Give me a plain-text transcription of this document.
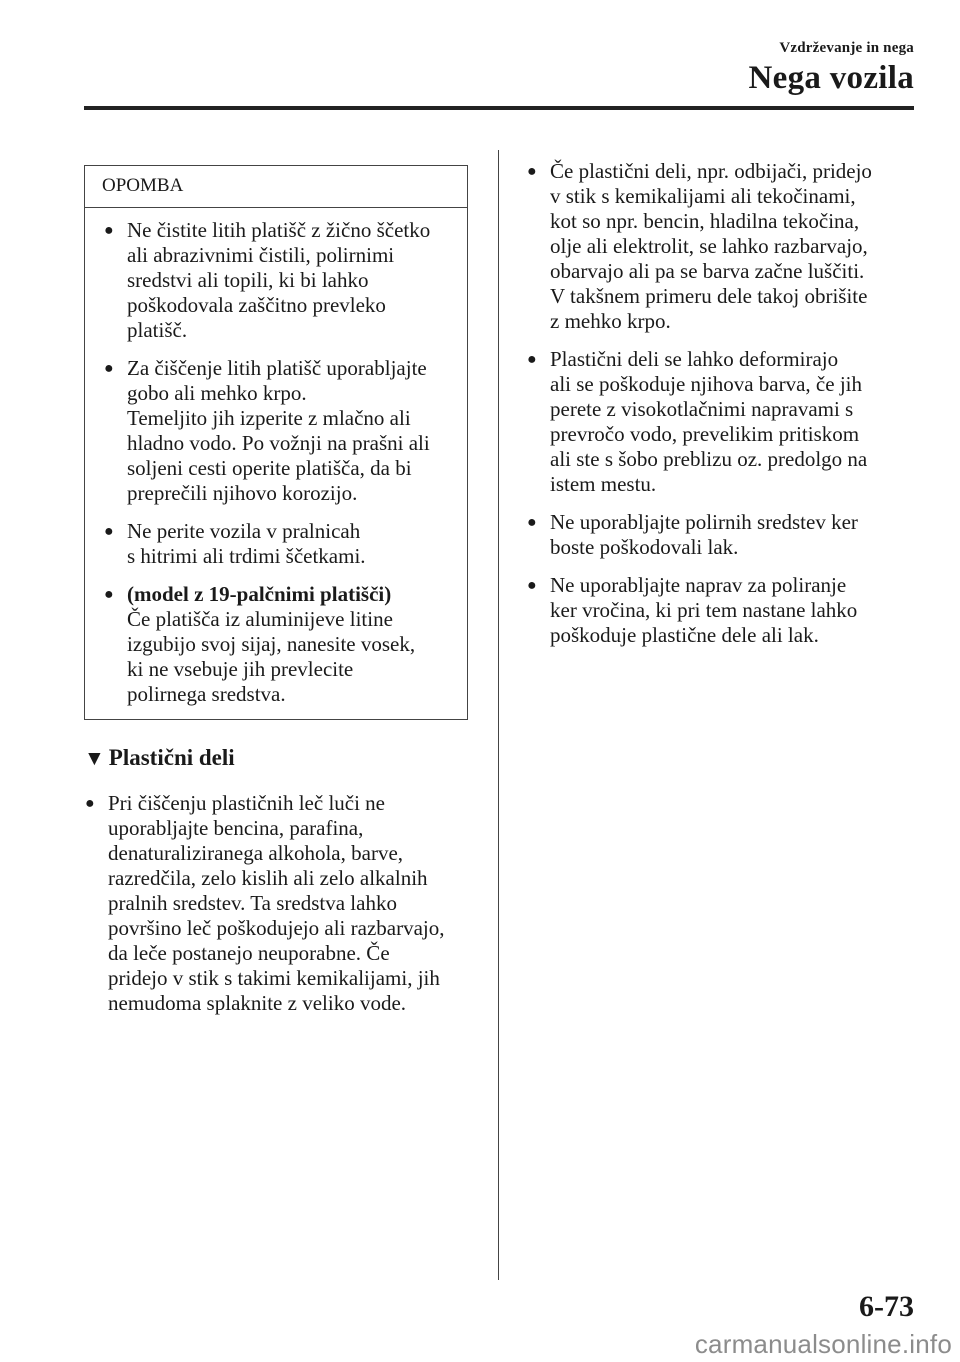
Vzdrževanje in nega
Nega vozila
OPOMBA
● Ne čistite litih platišč z žično ščetko
ali abrazivnimi čistili, polirnimi
sredstvi ali topili, ki bi lahko
poškodovala zaščitno prevleko
platišč.
● Za čiščenje litih platišč uporabljajte
gobo ali mehko krpo.
Temeljito jih izperite z mlačno ali
hladno vodo. Po vožnji na prašni ali
soljeni cesti operite platišča, da bi
preprečili njihovo korozijo.
● Ne perite vozila v pralnicah
s hitrimi ali trdimi ščetkami.
● (model z 19-palčnimi platišči)
Če platišča iz aluminijeve litine
izgubijo svoj sijaj, nanesite vosek,
ki ne vsebuje jih prevlecite
polirnega sredstva.
▼ Plastični deli
● Pri čiščenju plastičnih leč luči ne
uporabljajte bencina, parafina,
denaturaliziranega alkohola, barve,
razredčila, zelo kislih ali zelo alkalnih
pralnih sredstev. Ta sredstva lahko
površino leč poškodujejo ali razbarvajo,
da leče postanejo neuporabne. Če
pridejo v stik s takimi kemikalijami, jih
nemudoma splaknite z veliko vode.
● Če plastični deli, npr. odbijači, pridejo
v stik s kemikalijami ali tekočinami,
kot so npr. bencin, hladilna tekočina,
olje ali elektrolit, se lahko razbarvajo,
obarvajo ali pa se barva začne luščiti.
V takšnem primeru dele takoj obrišite
z mehko krpo.
● Plastični deli se lahko deformirajo
ali se poškoduje njihova barva, če jih
perete z visokotlačnimi napravami s
prevročo vodo, prevelikim pritiskom
ali ste s šobo preblizu oz. predolgo na
istem mestu.
● Ne uporabljajte polirnih sredstev ker
boste poškodovali lak.
● Ne uporabljajte naprav za poliranje
ker vročina, ki pri tem nastane lahko
poškoduje plastične dele ali lak.
6-73
carmanualsonline.info
